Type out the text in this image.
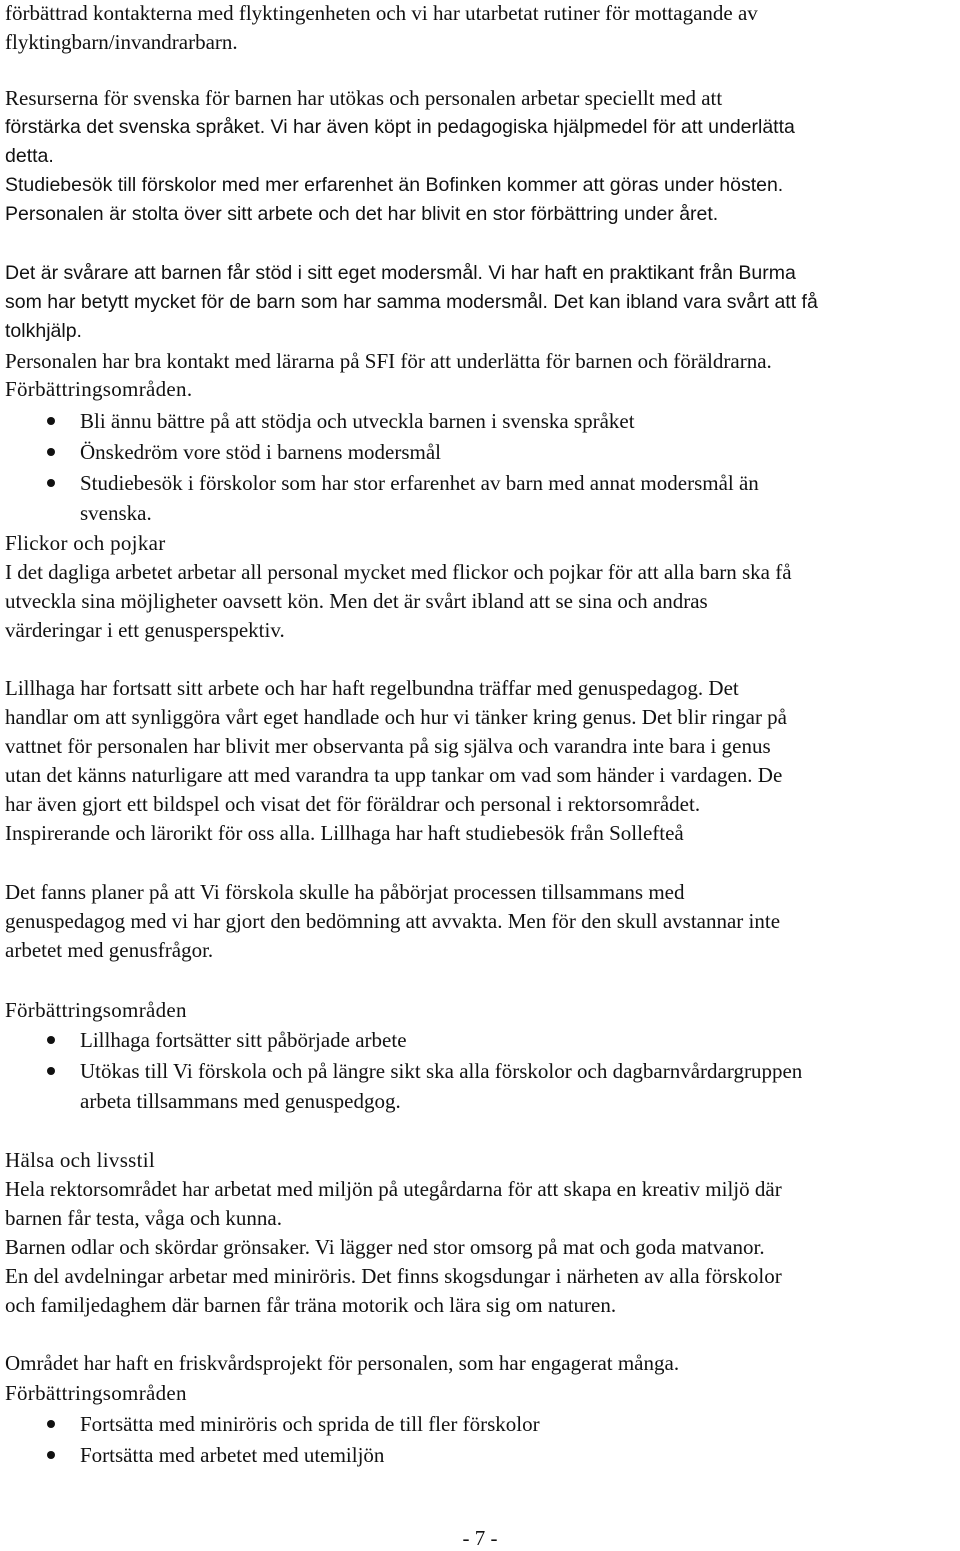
förbättrad kontakterna med flyktingenheten och vi har utarbetat rutiner för mottagande av
flyktingbarn/invandrarbarn.
Resurserna för svenska för barnen har utökas och personalen arbetar speciellt med att
förstärka det svenska språket. Vi har även köpt in pedagogiska hjälpmedel för att underlätta
detta.
Studiebesök till förskolor med mer erfarenhet än Bofinken kommer att göras under hösten.
Personalen är stolta över sitt arbete och det har blivit en stor förbättring under året.
Det är svårare att barnen får stöd i sitt eget modersmål. Vi har haft en praktikant från Burma
som har betytt mycket för de barn som har samma modersmål. Det kan ibland vara svårt att få
tolkhjälp.
Personalen har bra kontakt med lärarna på SFI för att underlätta för barnen och föräldrarna.
Förbättringsområden.
Bli ännu bättre på att stödja och utveckla barnen i svenska språket
Önskedröm vore stöd i barnens modersmål
Studiebesök i förskolor som har stor erfarenhet av barn med annat modersmål än
svenska.
Flickor och pojkar
I det dagliga arbetet arbetar all personal mycket med flickor och pojkar för att alla barn ska få
utveckla sina möjligheter oavsett kön. Men det är svårt ibland att se sina och andras
värderingar i ett genusperspektiv.
Lillhaga har fortsatt sitt arbete och har haft regelbundna träffar med genuspedagog. Det
handlar om att synliggöra vårt eget handlade och hur vi tänker kring genus. Det blir ringar på
vattnet för personalen har blivit mer observanta på sig själva och varandra inte bara i genus
utan det känns naturligare att med varandra ta upp tankar om vad som händer i vardagen. De
har även gjort ett bildspel och visat det för föräldrar och personal i rektorsområdet.
Inspirerande och lärorikt för oss alla. Lillhaga har haft studiebesök från Sollefteå
Det fanns planer på att Vi förskola skulle ha påbörjat processen tillsammans med
genuspedagog med vi har gjort den bedömning att avvakta. Men för den skull avstannar inte
arbetet med genusfrågor.
Förbättringsområden
Lillhaga fortsätter sitt påbörjade arbete
Utökas till Vi förskola och på längre sikt ska alla förskolor och dagbarnvårdargruppen
arbeta tillsammans med genuspedgog.
Hälsa och livsstil
Hela rektorsområdet har arbetat med miljön på utegårdarna för att skapa en kreativ miljö där
barnen får testa, våga och kunna.
Barnen odlar och skördar grönsaker. Vi lägger ned stor omsorg på mat och goda matvanor.
En del avdelningar arbetar med miniröris. Det finns skogsdungar i närheten av alla förskolor
och familjedaghem där barnen får träna motorik och lära sig om naturen.
Området har haft en friskvårdsprojekt för personalen, som har engagerat många.
Förbättringsområden
Fortsätta med miniröris och sprida de till fler förskolor
Fortsätta med arbetet med utemiljön
- 7 -
